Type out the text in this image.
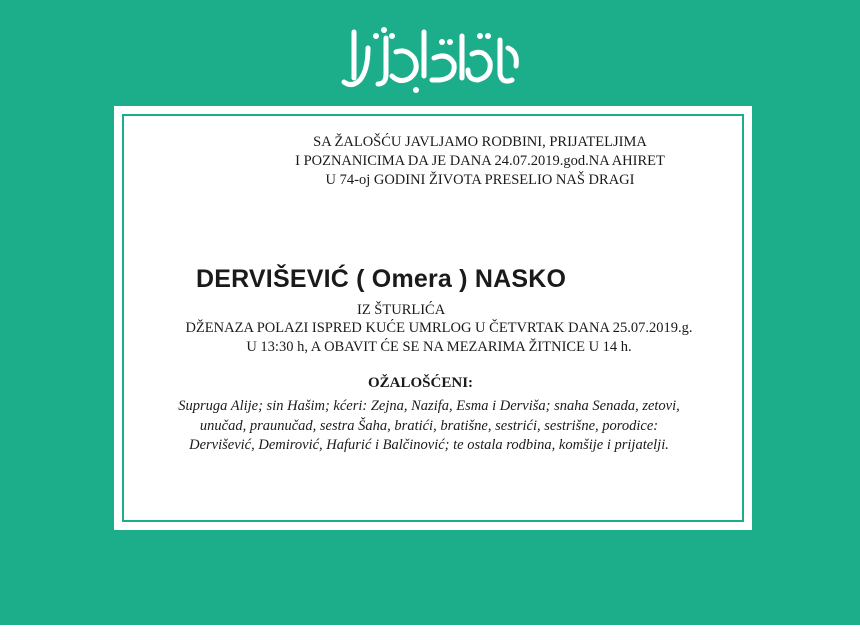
SA ŽALOŠĆU JAVLJAMO RODBINI, PRIJATELJIMA
I POZNANICIMA DA JE DANA 24.07.2019.god.NA AHIRET
U 74-oj GODINI ŽIVOTA PRESELIO NAŠ DRAGI
DERVIŠEVIĆ ( Omera ) NASKO
IZ ŠTURLIĆA
DŽENAZA POLAZI ISPRED KUĆE UMRLOG U ČETVRTAK DANA 25.07.2019.g.
U 13:30 h, A OBAVIT ĆE SE NA MEZARIMA ŽITNICE U 14 h.
OŽALOŠĆENI:
Supruga Alije; sin Hašim; kćeri: Zejna, Nazifa, Esma i Derviša; snaha Senada, zetovi,
unučad, praunučad, sestra Šaha, bratići, bratišne, sestrići, sestrišne, porodice:
Dervišević, Demirović, Hafurić i Balčinović; te ostala rodbina, komšije i prijatelji.
